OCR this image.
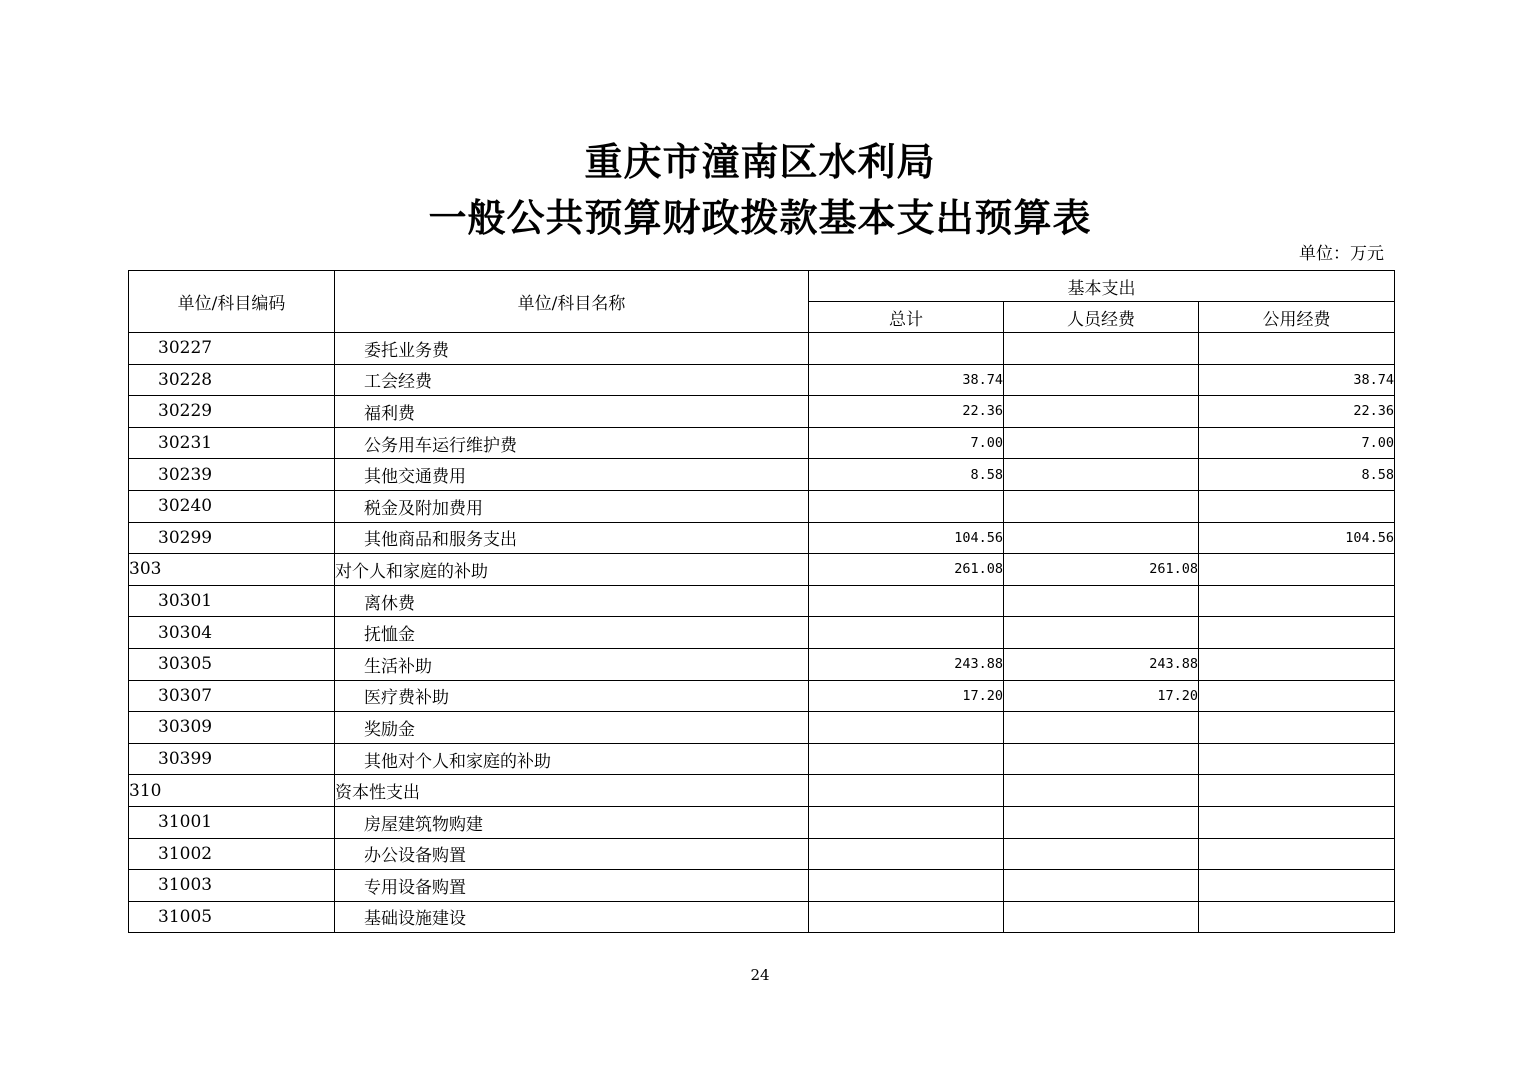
重庆市潼南区水利局
一般公共预算财政拨款基本支出预算表
单位：万元
单位/科目编码	单位/科目名称	基本支出		
		总计	人员经费	公用经费
30227	委托业务费			
30228	工会经费	38.74		38.74
30229	福利费	22.36		22.36
30231	公务用车运行维护费	7.00		7.00
30239	其他交通费用	8.58		8.58
30240	税金及附加费用			
30299	其他商品和服务支出	104.56		104.56
303	对个人和家庭的补助	261.08	261.08	
30301	离休费			
30304	抚恤金			
30305	生活补助	243.88	243.88	
30307	医疗费补助	17.20	17.20	
30309	奖励金			
30399	其他对个人和家庭的补助			
310	资本性支出			
31001	房屋建筑物购建			
31002	办公设备购置			
31003	专用设备购置			
31005	基础设施建设			
24
